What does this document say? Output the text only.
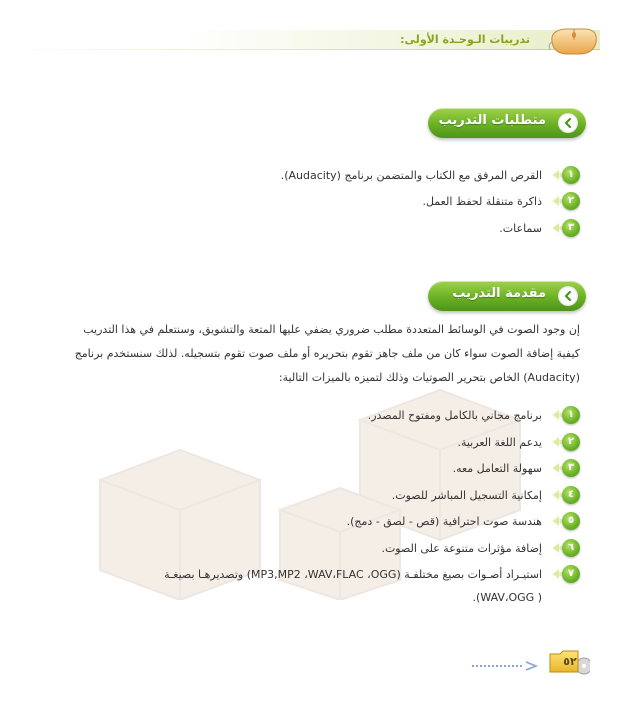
تدريبات الـوحـدة الأولى:
متطلبات التدريب
١
القرص المرفق مع الكتاب والمتضمن برنامج (Audacity).
٢
ذاكرة متنقلة لحفظ العمل.
٣
سماعات.
مقدمة التدريب
إن وجود الصوت في الوسائط المتعددة مطلب ضروري يضفي عليها المتعة والتشويق، وسنتعلم في هذا التدريب
كيفية إضافة الصوت سواء كان من ملف جاهز تقوم بتحريره أو ملف صوت تقوم بتسجيله. لذلك سنستخدم برنامج
(Audacity) الخاص بتحرير الصوتيات وذلك لتميزه بالميزات التالية:
١
برنامج مجاني بالكامل ومفتوح المصدر.
٢
يدعم اللغة العربية.
٣
سهولة التعامل معه.
٤
إمكانية التسجيل المباشر للصوت.
٥
هندسة صوت احترافية (قص - لصق - دمج).
٦
إضافة مؤثرات متنوعة على الصوت.
٧
استيـراد أصـوات بصيغ مختلفـة (MP3,MP2 ،WAV،FLAC ،OGG) وتصديرهـا بصيغـة
( WAV،OGG).
٥٢
